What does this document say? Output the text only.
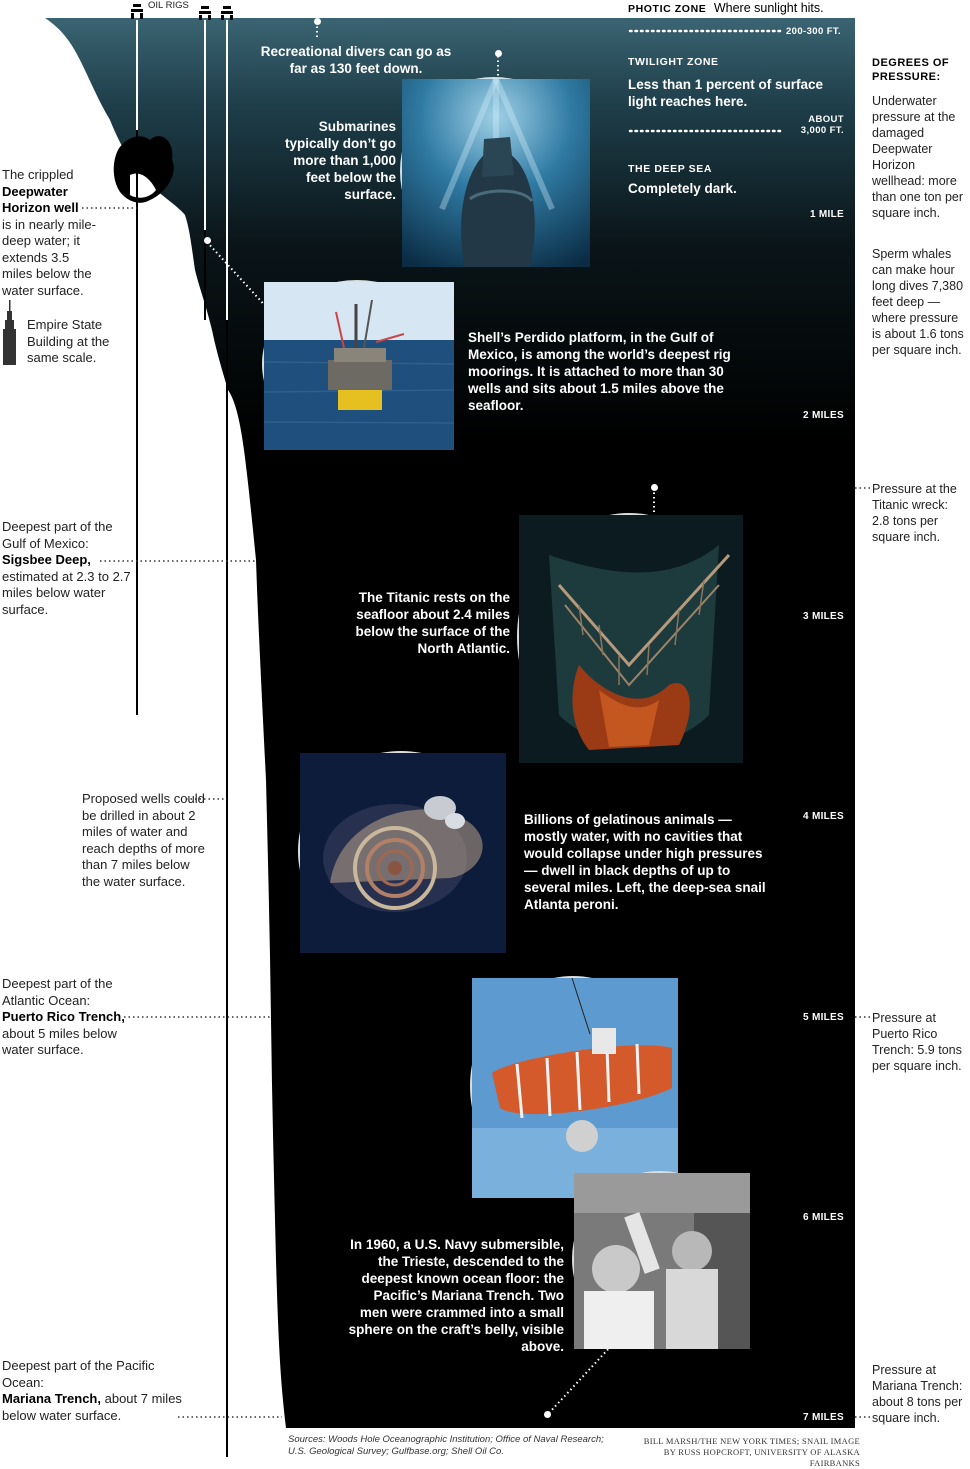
OIL RIGS	PHOTIC ZONE Where sunlight hits.
200-300 FT.
TWILIGHT ZONE
Less than 1 percent of surface light reaches here.
ABOUT
3,000 FT.
THE DEEP SEA
Completely dark.
1 MILE
2 MILES
3 MILES
4 MILES
5 MILES
6 MILES
7 MILES
The crippled
Deepwater Horizon well
is in nearly mile-deep water; it extends 3.5 miles below the water surface.
Empire State Building at the same scale.
Deepest part of the Gulf of Mexico:
Sigsbee Deep,
estimated at 2.3 to 2.7 miles below water surface.
Proposed wells could be drilled in about 2 miles of water and reach depths of more than 7 miles below the water surface.
Deepest part of the Atlantic Ocean:
Puerto Rico Trench,
about 5 miles below water surface.
Deepest part of the Pacific Ocean:
Mariana Trench, about 7 miles below water surface.
Recreational divers can go as far as 130 feet down.
Submarines typically don’t go more than 1,000 feet below the surface.
Shell’s Perdido platform, in the Gulf of Mexico, is among the world’s deepest rig moorings. It is attached to more than 30 wells and sits about 1.5 miles above the seafloor.
The Titanic rests on the seafloor about 2.4 miles below the surface of the North Atlantic.
Billions of gelatinous animals — mostly water, with no cavities that would collapse under high pressures — dwell in black depths of up to several miles. Left, the deep-sea snail Atlanta peroni.
In 1960, a U.S. Navy submersible, the Trieste, descended to the deepest known ocean floor: the Pacific’s Mariana Trench. Two men were crammed into a small sphere on the craft’s belly, visible above.
DEGREES OF PRESSURE:
Underwater pressure at the damaged Deepwater Horizon wellhead: more than one ton per square inch.
Sperm whales can make hour long dives 7,380 feet deep — where pressure is about 1.6 tons per square inch.
Pressure at the Titanic wreck: 2.8 tons per square inch.
Pressure at Puerto Rico Trench: 5.9 tons per square inch.
Pressure at Mariana Trench: about 8 tons per square inch.
Sources: Woods Hole Oceanographic Institution; Office of Naval Research; U.S. Geological Survey; Gulfbase.org; Shell Oil Co.
BILL MARSH/THE NEW YORK TIMES; SNAIL IMAGE BY RUSS HOPCROFT, UNIVERSITY OF ALASKA FAIRBANKS
